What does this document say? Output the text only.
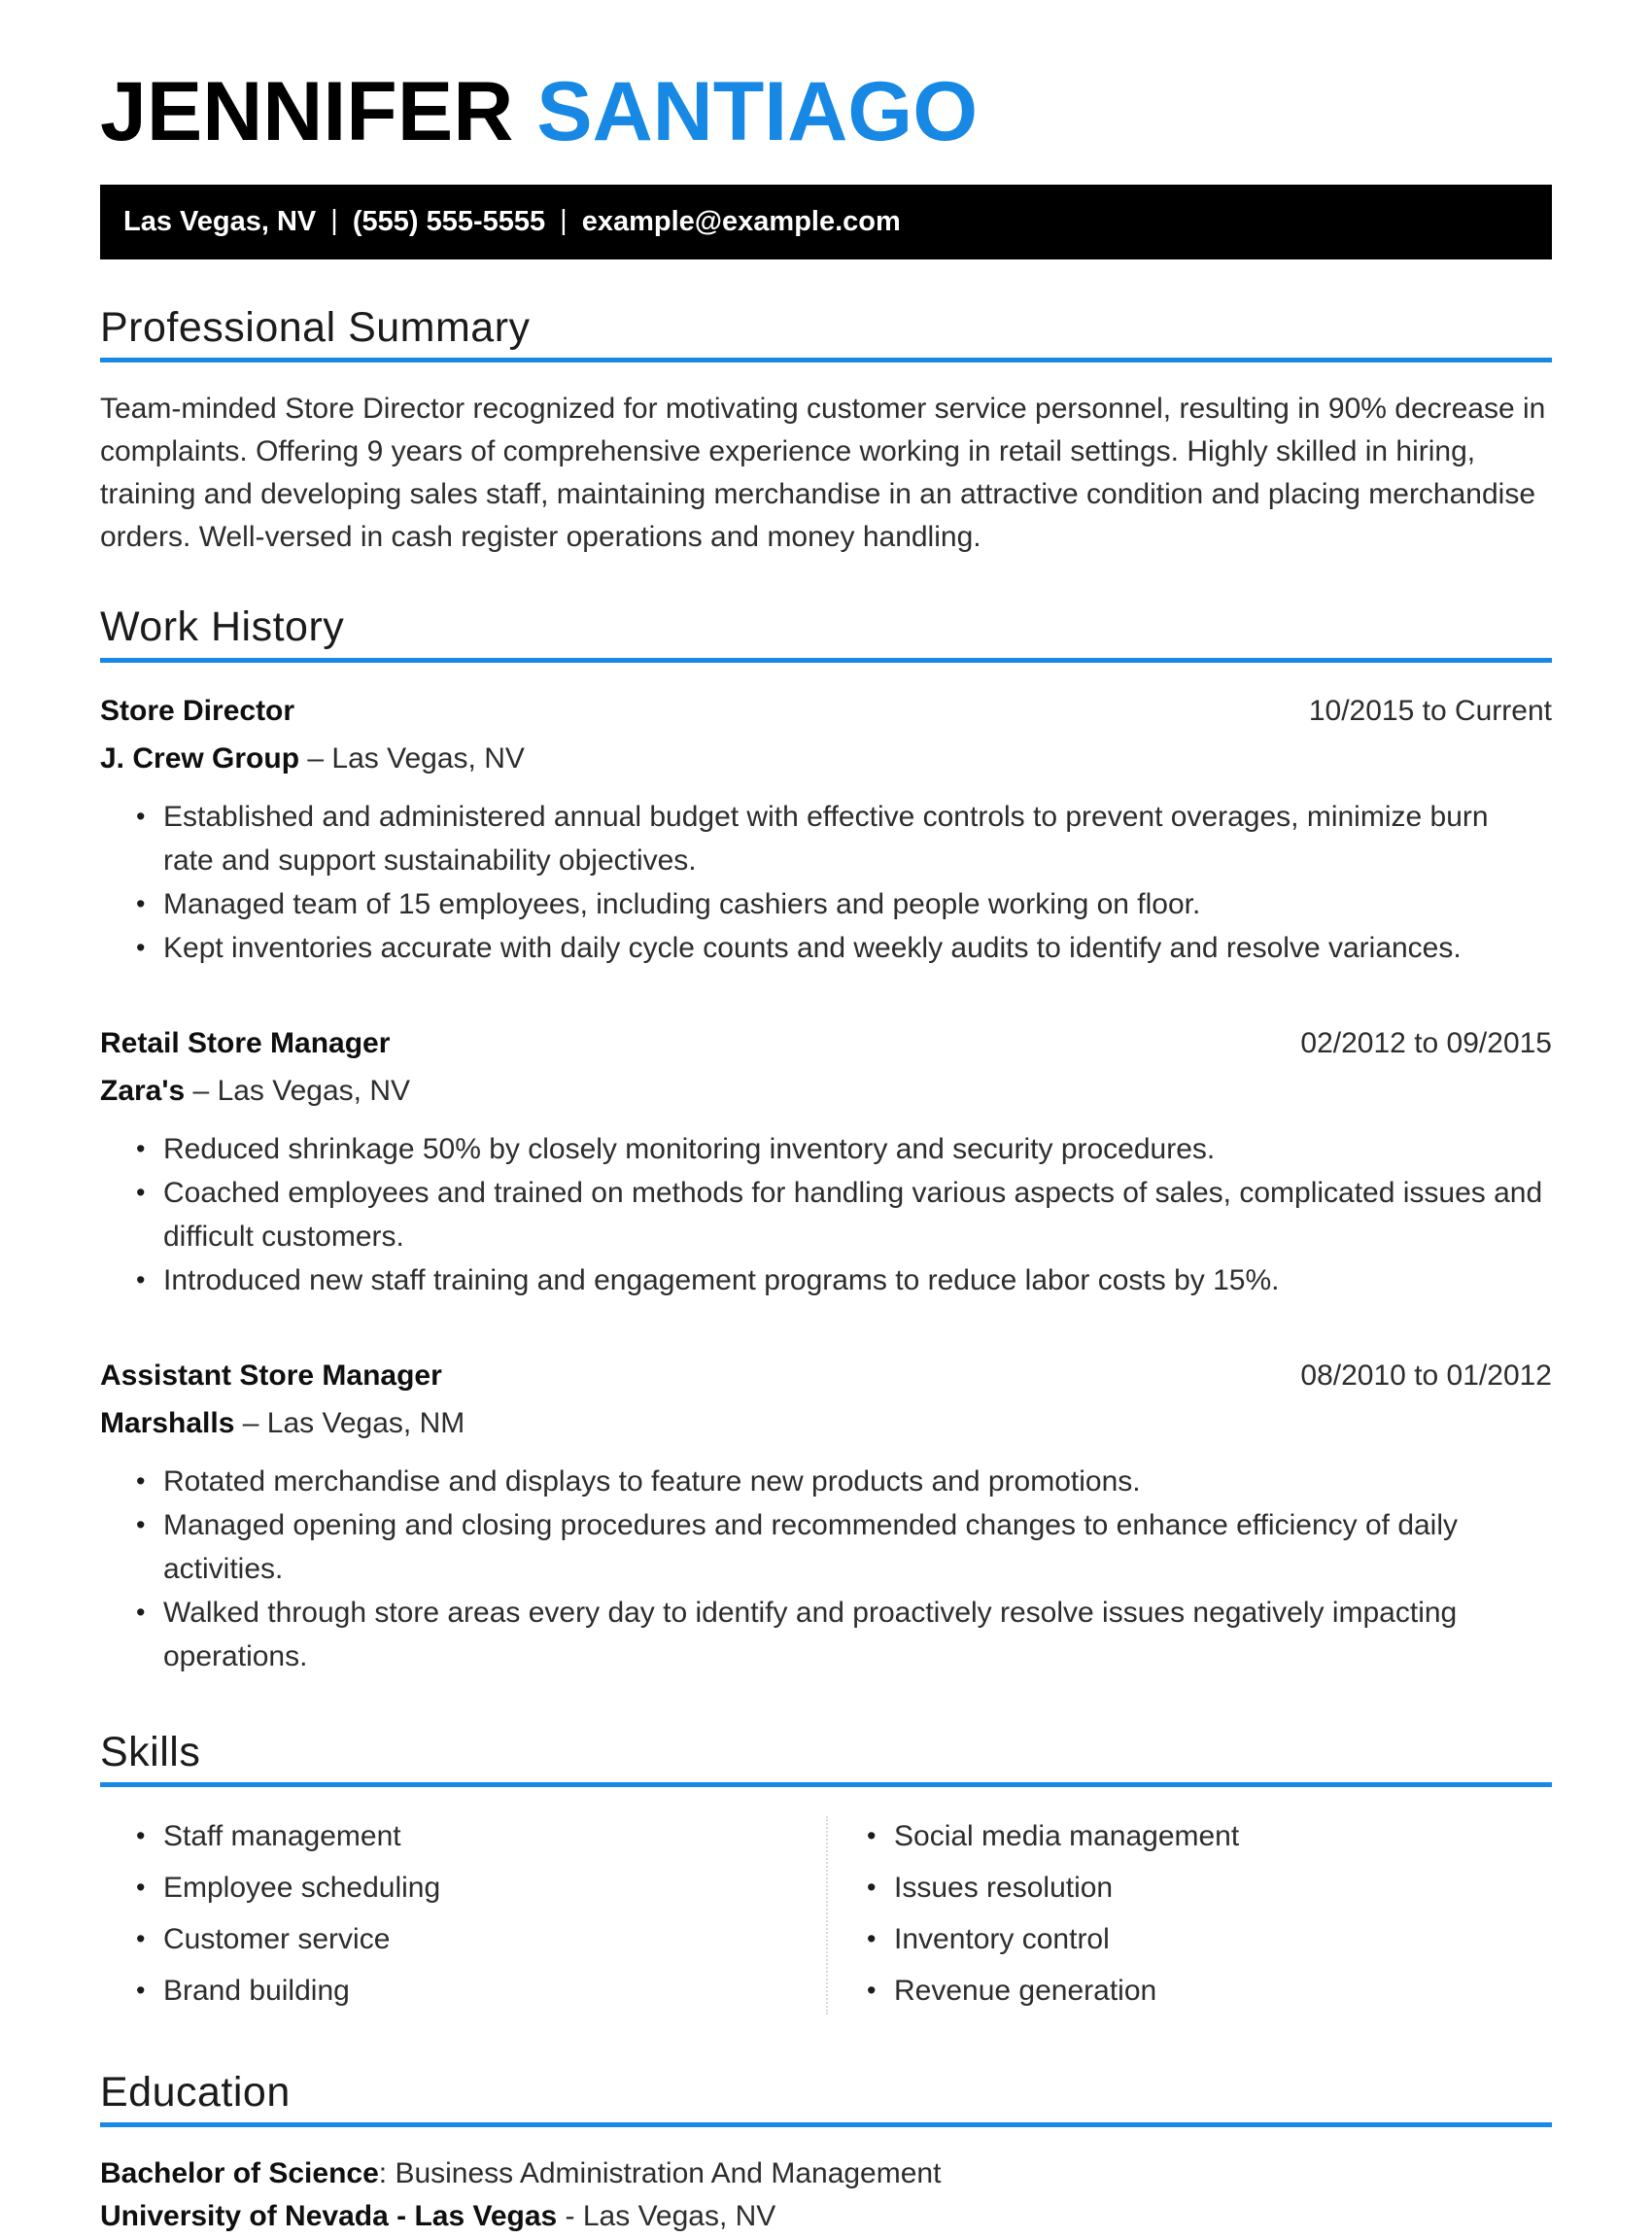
JENNIFER SANTIAGO
Las Vegas, NV | (555) 555-5555 | example@example.com
Professional Summary
Team-minded Store Director recognized for motivating customer service personnel, resulting in 90% decrease in complaints. Offering 9 years of comprehensive experience working in retail settings. Highly skilled in hiring, training and developing sales staff, maintaining merchandise in an attractive condition and placing merchandise orders. Well-versed in cash register operations and money handling.
Work History
Store Director	10/2015 to Current
J. Crew Group – Las Vegas, NV
• Established and administered annual budget with effective controls to prevent overages, minimize burn rate and support sustainability objectives.
• Managed team of 15 employees, including cashiers and people working on floor.
• Kept inventories accurate with daily cycle counts and weekly audits to identify and resolve variances.
Retail Store Manager	02/2012 to 09/2015
Zara's – Las Vegas, NV
• Reduced shrinkage 50% by closely monitoring inventory and security procedures.
• Coached employees and trained on methods for handling various aspects of sales, complicated issues and difficult customers.
• Introduced new staff training and engagement programs to reduce labor costs by 15%.
Assistant Store Manager	08/2010 to 01/2012
Marshalls – Las Vegas, NM
• Rotated merchandise and displays to feature new products and promotions.
• Managed opening and closing procedures and recommended changes to enhance efficiency of daily activities.
• Walked through store areas every day to identify and proactively resolve issues negatively impacting operations.
Skills
• Staff management
• Employee scheduling
• Customer service
• Brand building
• Social media management
• Issues resolution
• Inventory control
• Revenue generation
Education
Bachelor of Science: Business Administration And Management
University of Nevada - Las Vegas - Las Vegas, NV
